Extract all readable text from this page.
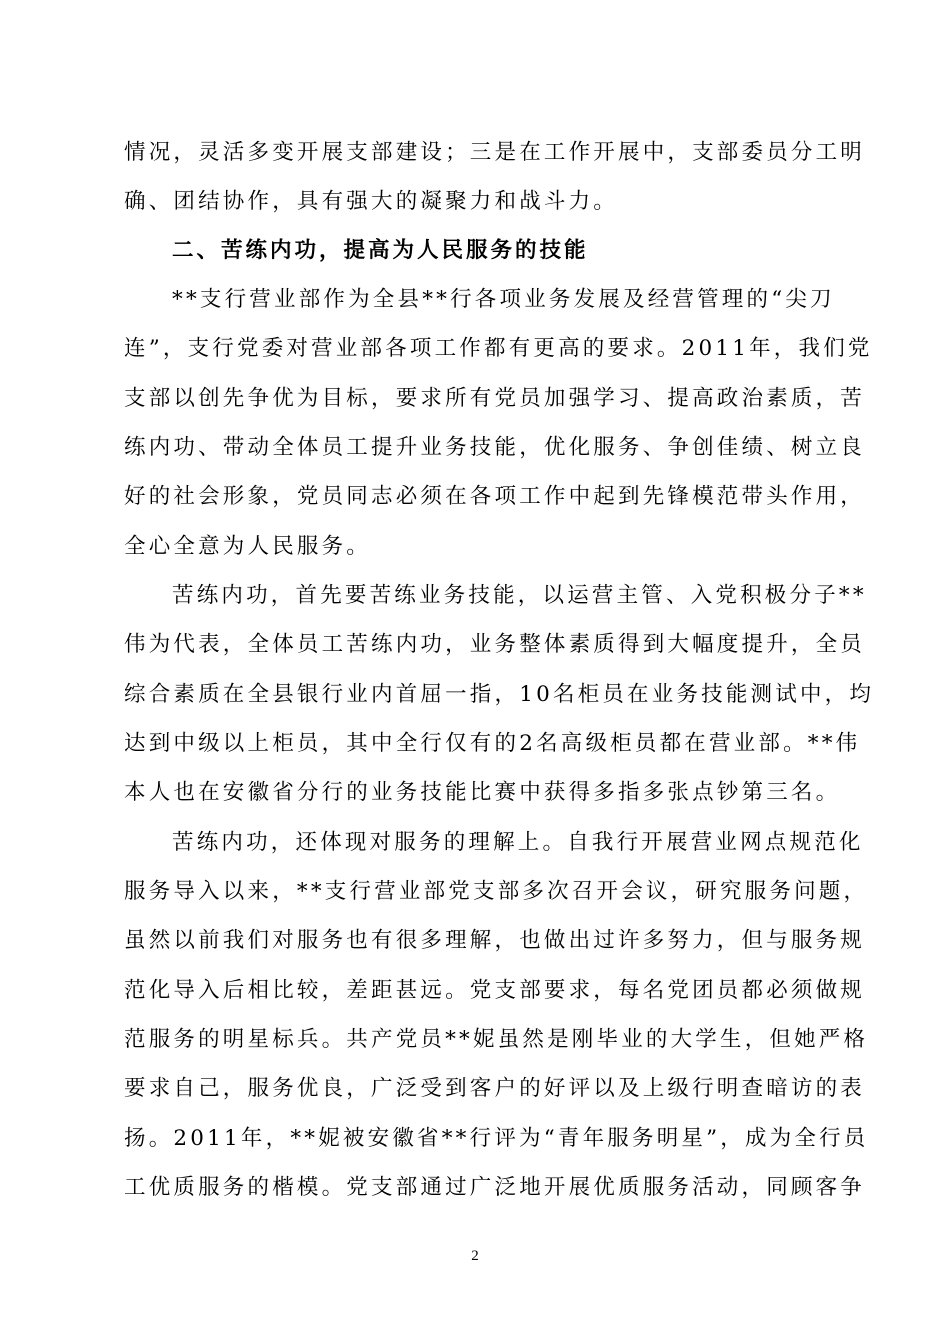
情况，灵活多变开展支部建设；三是在工作开展中，支部委员分工明
确、团结协作，具有强大的凝聚力和战斗力。
二、苦练内功，提高为人民服务的技能
**支行营业部作为全县**行各项业务发展及经营管理的“尖刀
连”，支行党委对营业部各项工作都有更高的要求。2011年，我们党
支部以创先争优为目标，要求所有党员加强学习、提高政治素质，苦
练内功、带动全体员工提升业务技能，优化服务、争创佳绩、树立良
好的社会形象，党员同志必须在各项工作中起到先锋模范带头作用，
全心全意为人民服务。
苦练内功，首先要苦练业务技能，以运营主管、入党积极分子**
伟为代表，全体员工苦练内功，业务整体素质得到大幅度提升，全员
综合素质在全县银行业内首屈一指，10名柜员在业务技能测试中，均
达到中级以上柜员，其中全行仅有的2名高级柜员都在营业部。**伟
本人也在安徽省分行的业务技能比赛中获得多指多张点钞第三名。
苦练内功，还体现对服务的理解上。自我行开展营业网点规范化
服务导入以来，**支行营业部党支部多次召开会议，研究服务问题，
虽然以前我们对服务也有很多理解，也做出过许多努力，但与服务规
范化导入后相比较，差距甚远。党支部要求，每名党团员都必须做规
范服务的明星标兵。共产党员**妮虽然是刚毕业的大学生，但她严格
要求自己，服务优良，广泛受到客户的好评以及上级行明查暗访的表
扬。2011年，**妮被安徽省**行评为“青年服务明星”，成为全行员
工优质服务的楷模。党支部通过广泛地开展优质服务活动，同顾客争
2
